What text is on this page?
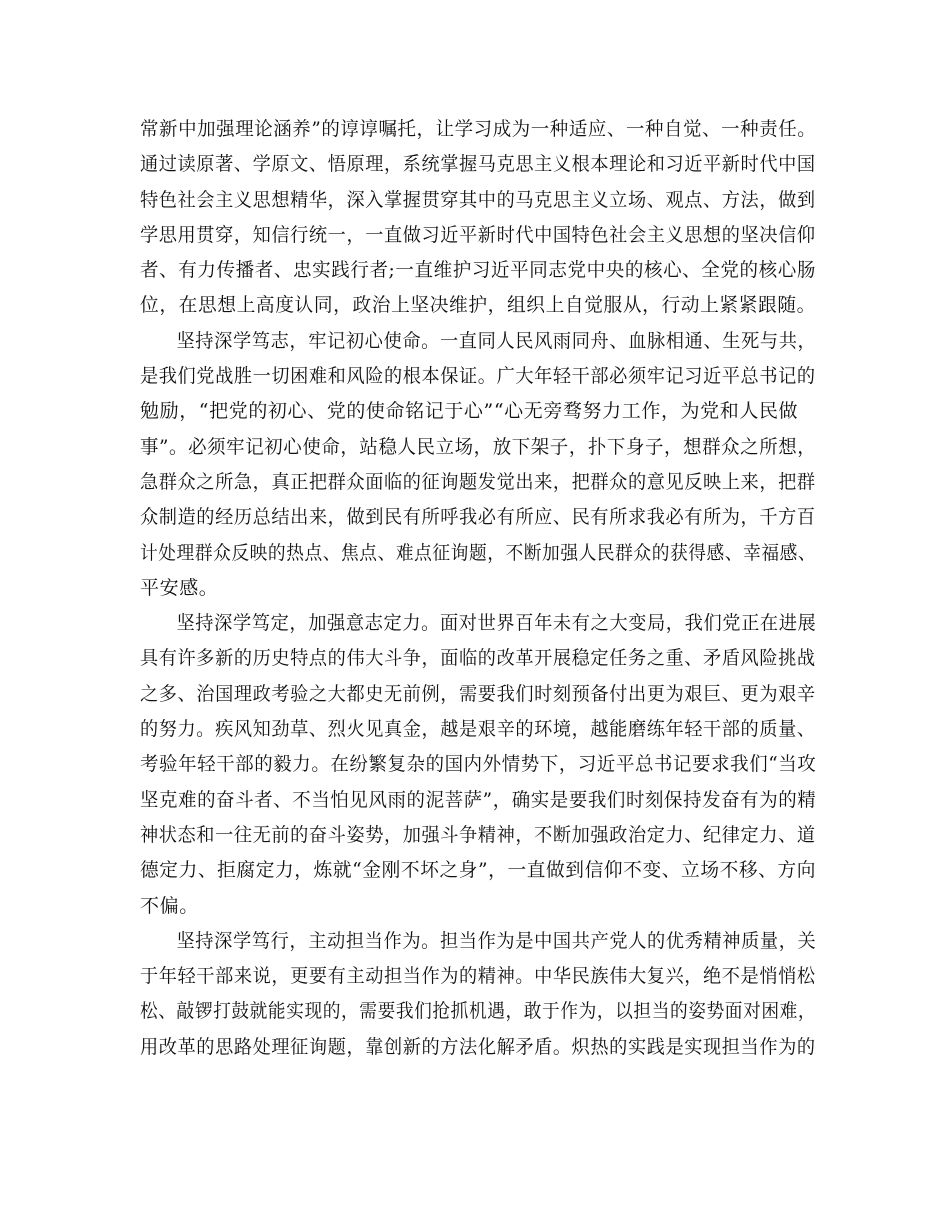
常新中加强理论涵养”的谆谆嘱托，让学习成为一种适应、一种自觉、一种责任。
通过读原著、学原文、悟原理，系统掌握马克思主义根本理论和习近平新时代中国
特色社会主义思想精华，深入掌握贯穿其中的马克思主义立场、观点、方法，做到
学思用贯穿，知信行统一，一直做习近平新时代中国特色社会主义思想的坚决信仰
者、有力传播者、忠实践行者;一直维护习近平同志党中央的核心、全党的核心肠
位，在思想上高度认同，政治上坚决维护，组织上自觉服从，行动上紧紧跟随。

坚持深学笃志，牢记初心使命。一直同人民风雨同舟、血脉相通、生死与共，
是我们党战胜一切困难和风险的根本保证。广大年轻干部必须牢记习近平总书记的
勉励，“把党的初心、党的使命铭记于心”“心无旁骛努力工作，为党和人民做
事”。必须牢记初心使命，站稳人民立场，放下架子，扑下身子，想群众之所想，
急群众之所急，真正把群众面临的征询题发觉出来，把群众的意见反映上来，把群
众制造的经历总结出来，做到民有所呼我必有所应、民有所求我必有所为，千方百
计处理群众反映的热点、焦点、难点征询题，不断加强人民群众的获得感、幸福感、
平安感。

坚持深学笃定，加强意志定力。面对世界百年未有之大变局，我们党正在进展
具有许多新的历史特点的伟大斗争，面临的改革开展稳定任务之重、矛盾风险挑战
之多、治国理政考验之大都史无前例，需要我们时刻预备付出更为艰巨、更为艰辛
的努力。疾风知劲草、烈火见真金，越是艰辛的环境，越能磨练年轻干部的质量、
考验年轻干部的毅力。在纷繁复杂的国内外情势下，习近平总书记要求我们“当攻
坚克难的奋斗者、不当怕见风雨的泥菩萨”，确实是要我们时刻保持发奋有为的精
神状态和一往无前的奋斗姿势，加强斗争精神，不断加强政治定力、纪律定力、道
德定力、拒腐定力，炼就“金刚不坏之身”，一直做到信仰不变、立场不移、方向
不偏。

坚持深学笃行，主动担当作为。担当作为是中国共产党人的优秀精神质量，关
于年轻干部来说，更要有主动担当作为的精神。中华民族伟大复兴，绝不是悄悄松
松、敲锣打鼓就能实现的，需要我们抢抓机遇，敢于作为，以担当的姿势面对困难，
用改革的思路处理征询题，靠创新的方法化解矛盾。炽热的实践是实现担当作为的
